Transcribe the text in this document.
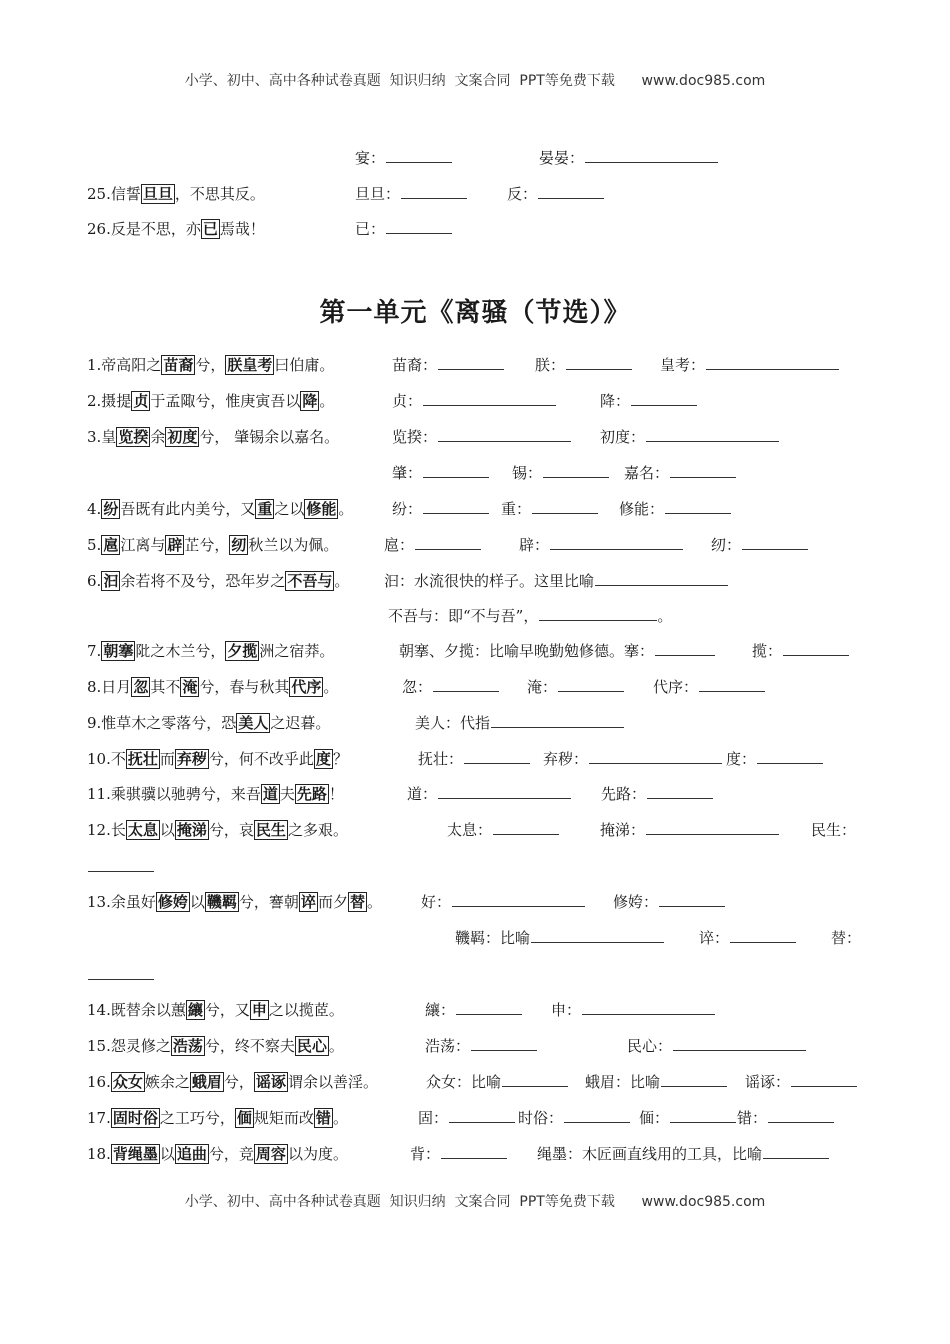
小学、初中、高中各种试卷真题  知识归纳  文案合同  PPT等免费下载      www.doc985.com
宴：	晏晏：
25.信誓 旦旦 ，不思其反。	旦旦：	反：
26.反是不思，亦 已 焉哉！	已：
第一单元《离骚（节选）》
1.帝高阳之 苗裔 兮， 朕皇考 曰伯庸。	苗裔：	朕：	皇考：
2.摄提 贞 于孟陬兮，惟庚寅吾以 降 。	贞：	降：
3.皇 览揆 余 初度 兮， 肇锡余以嘉名。	览揆：	初度：
肇：	锡：	嘉名：
4. 纷 吾既有此内美兮，又 重 之以 修能 。	纷：	重：	修能：
5. 扈 江离与 辟 芷兮， 纫 秋兰以为佩。	扈：	辟：	纫：
6. 汩 余若将不及兮，恐年岁之 不吾与 。 汩：水流很快的样子。这里比喻
不吾与：即“不与吾”，	。
7. 朝搴 阰之木兰兮， 夕揽 洲之宿莽。	朝搴、夕揽：比喻早晚勤勉修德。搴：	揽：
8.日月 忽 其不 淹 兮，春与秋其 代序 。	忽：	淹：	代序：
9.惟草木之零落兮，恐 美人 之迟暮。	美人：代指
10.不 抚壮 而 弃秽 兮，何不改乎此 度 ？	抚壮：	弃秽：	度：
11.乘骐骥以驰骋兮，来吾 道 夫 先路 ！	道：	先路：
12.长 太息 以 掩涕 兮，哀 民生 之多艰。	太息：	掩涕：	民生：
13.余虽好 修姱 以 鞿羁 兮，謇朝 谇 而夕 替 。	好：	修姱：
鞿羁：比喻	谇：	替：
14.既替余以蕙 纕 兮，又 申 之以揽茝。	纕：	申：
15.怨灵修之 浩荡 兮，终不察夫 民心 。	浩荡：	民心：
16. 众女 嫉余之 蛾眉 兮， 谣诼 谓余以善淫。	众女：比喻	蛾眉：比喻	谣诼：
17. 固时俗 之工巧兮， 偭 规矩而改 错 。	固：	时俗：	偭：	错：
18. 背绳墨 以 追曲 兮，竞 周容 以为度。	背：	绳墨：木匠画直线用的工具，比喻
小学、初中、高中各种试卷真题  知识归纳  文案合同  PPT等免费下载      www.doc985.com
